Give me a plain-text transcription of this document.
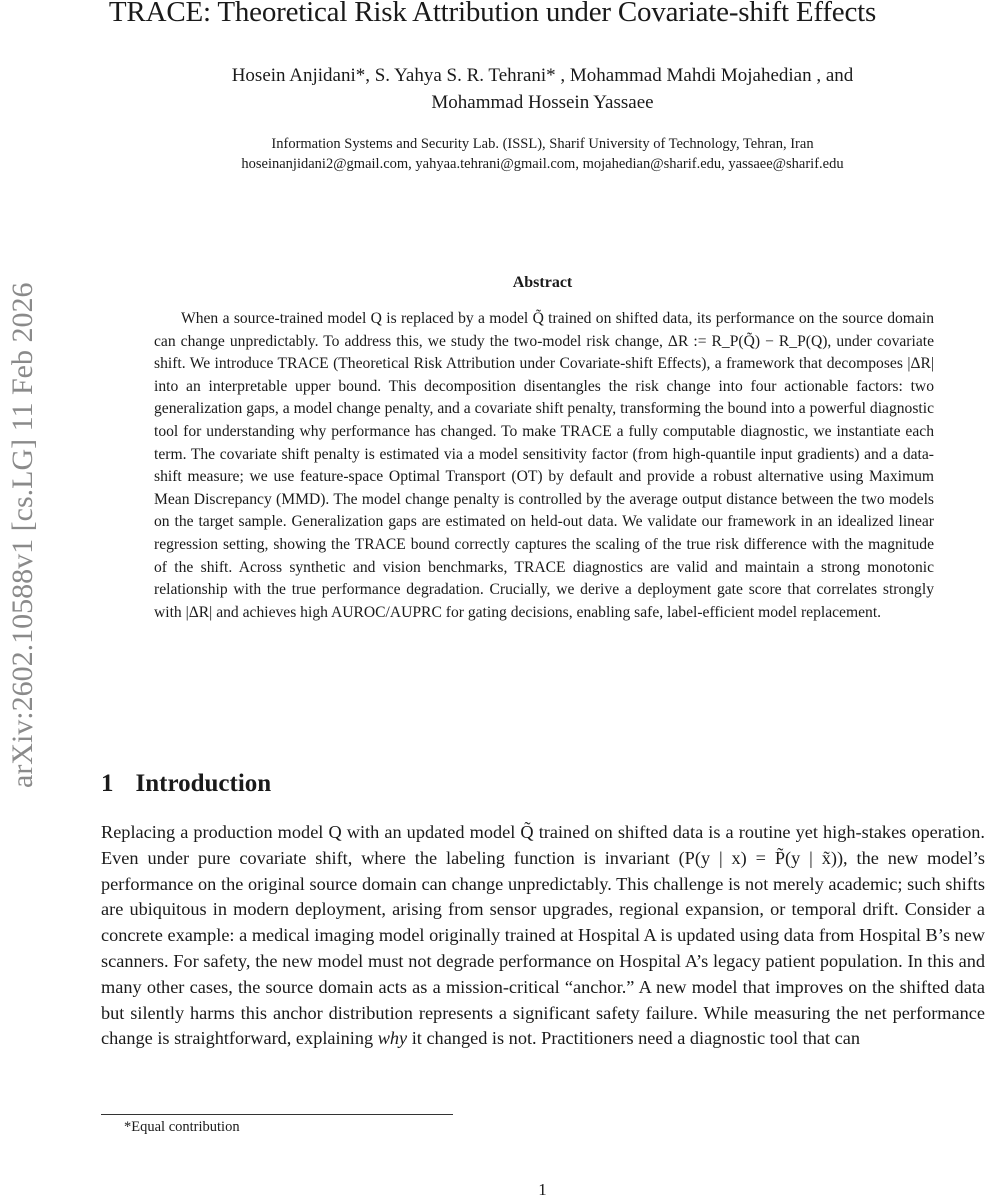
TRACE: Theoretical Risk Attribution under Covariate-shift Effects
Hosein Anjidani*, S. Yahya S. R. Tehrani* , Mohammad Mahdi Mojahedian , and
Mohammad Hossein Yassaee
Information Systems and Security Lab. (ISSL), Sharif University of Technology, Tehran, Iran
hoseinanjidani2@gmail.com, yahyaa.tehrani@gmail.com, mojahedian@sharif.edu, yassaee@sharif.edu
arXiv:2602.10588v1 [cs.LG] 11 Feb 2026	Abstract
When a source-trained model Q is replaced by a model Q̃ trained on shifted data, its performance on the source domain can change unpredictably. To address this, we study the two-model risk change, ΔR := R_P(Q̃) − R_P(Q), under covariate shift. We introduce TRACE (Theoretical Risk Attribution under Covariate-shift Effects), a framework that decomposes |ΔR| into an interpretable upper bound. This decomposition disentangles the risk change into four actionable factors: two generalization gaps, a model change penalty, and a covariate shift penalty, transforming the bound into a powerful diagnostic tool for understanding why performance has changed. To make TRACE a fully computable diagnostic, we instantiate each term. The covariate shift penalty is estimated via a model sensitivity factor (from high-quantile input gradients) and a data-shift measure; we use feature-space Optimal Transport (OT) by default and provide a robust alternative using Maximum Mean Discrepancy (MMD). The model change penalty is controlled by the average output distance between the two models on the target sample. Generalization gaps are estimated on held-out data. We validate our framework in an idealized linear regression setting, showing the TRACE bound correctly captures the scaling of the true risk difference with the magnitude of the shift. Across synthetic and vision benchmarks, TRACE diagnostics are valid and maintain a strong monotonic relationship with the true performance degradation. Crucially, we derive a deployment gate score that correlates strongly with |ΔR| and achieves high AUROC/AUPRC for gating decisions, enabling safe, label-efficient model replacement.
1 Introduction
Replacing a production model Q with an updated model Q̃ trained on shifted data is a routine yet high-stakes operation. Even under pure covariate shift, where the labeling function is invariant (P(y | x) = P̃(y | x̃)), the new model’s performance on the original source domain can change unpredictably. This challenge is not merely academic; such shifts are ubiquitous in modern deployment, arising from sensor upgrades, regional expansion, or temporal drift. Consider a concrete example: a medical imaging model originally trained at Hospital A is updated using data from Hospital B’s new scanners. For safety, the new model must not degrade performance on Hospital A’s legacy patient population. In this and many other cases, the source domain acts as a mission-critical “anchor.” A new model that improves on the shifted data but silently harms this anchor distribution represents a significant safety failure. While measuring the net performance change is straightforward, explaining why it changed is not. Practitioners need a diagnostic tool that can
*Equal contribution
1
